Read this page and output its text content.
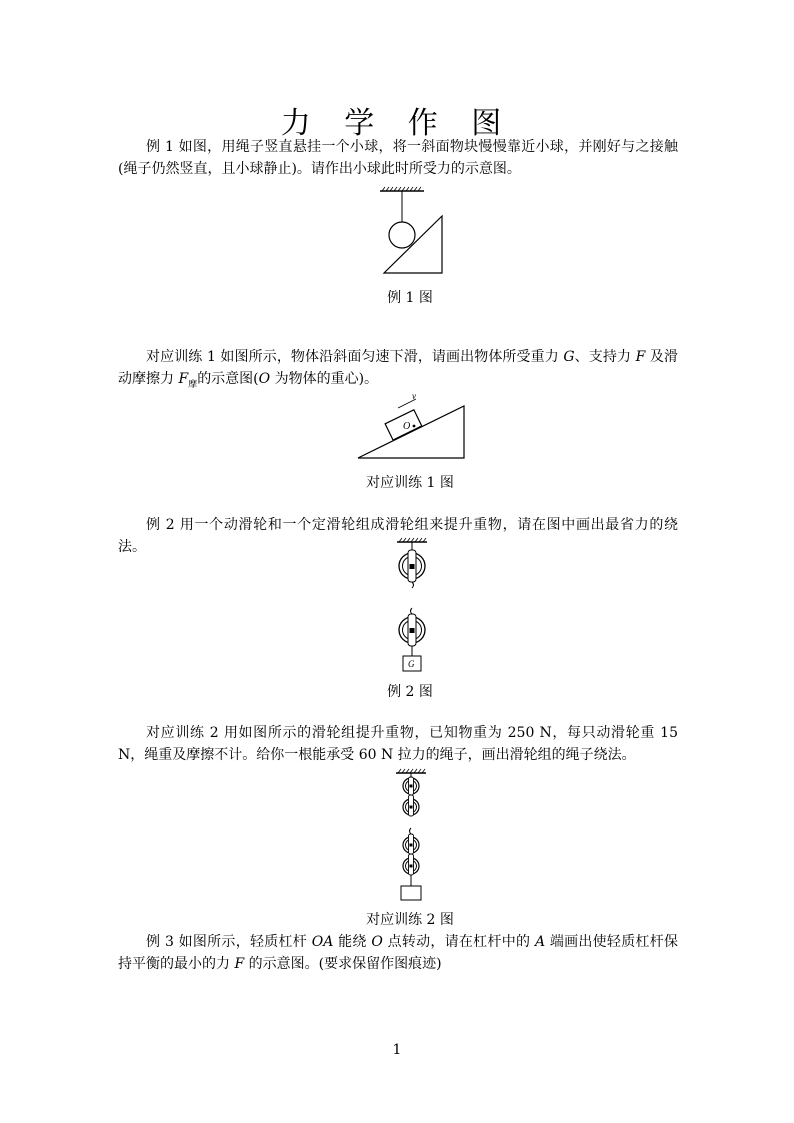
力 学 作 图
例 1 如图，用绳子竖直悬挂一个小球，将一斜面物块慢慢靠近小球，并刚好与之接触(绳子仍然竖直，且小球静止)。请作出小球此时所受力的示意图。
例 1 图
对应训练 1 如图所示，物体沿斜面匀速下滑，请画出物体所受重力 G、支持力 F 及滑动摩擦力 $F_摩$的示意图(O 为物体的重心)。
O
v
对应训练 1 图
例 2 用一个动滑轮和一个定滑轮组成滑轮组来提升重物，请在图中画出最省力的绕法。
G
例 2 图
对应训练 2 用如图所示的滑轮组提升重物，已知物重为 250 N，每只动滑轮重 15 N，绳重及摩擦不计。给你一根能承受 60 N 拉力的绳子，画出滑轮组的绳子绕法。
对应训练 2 图
例 3 如图所示，轻质杠杆 OA 能绕 O 点转动，请在杠杆中的 A 端画出使轻质杠杆保持平衡的最小的力 F 的示意图。(要求保留作图痕迹)
1
